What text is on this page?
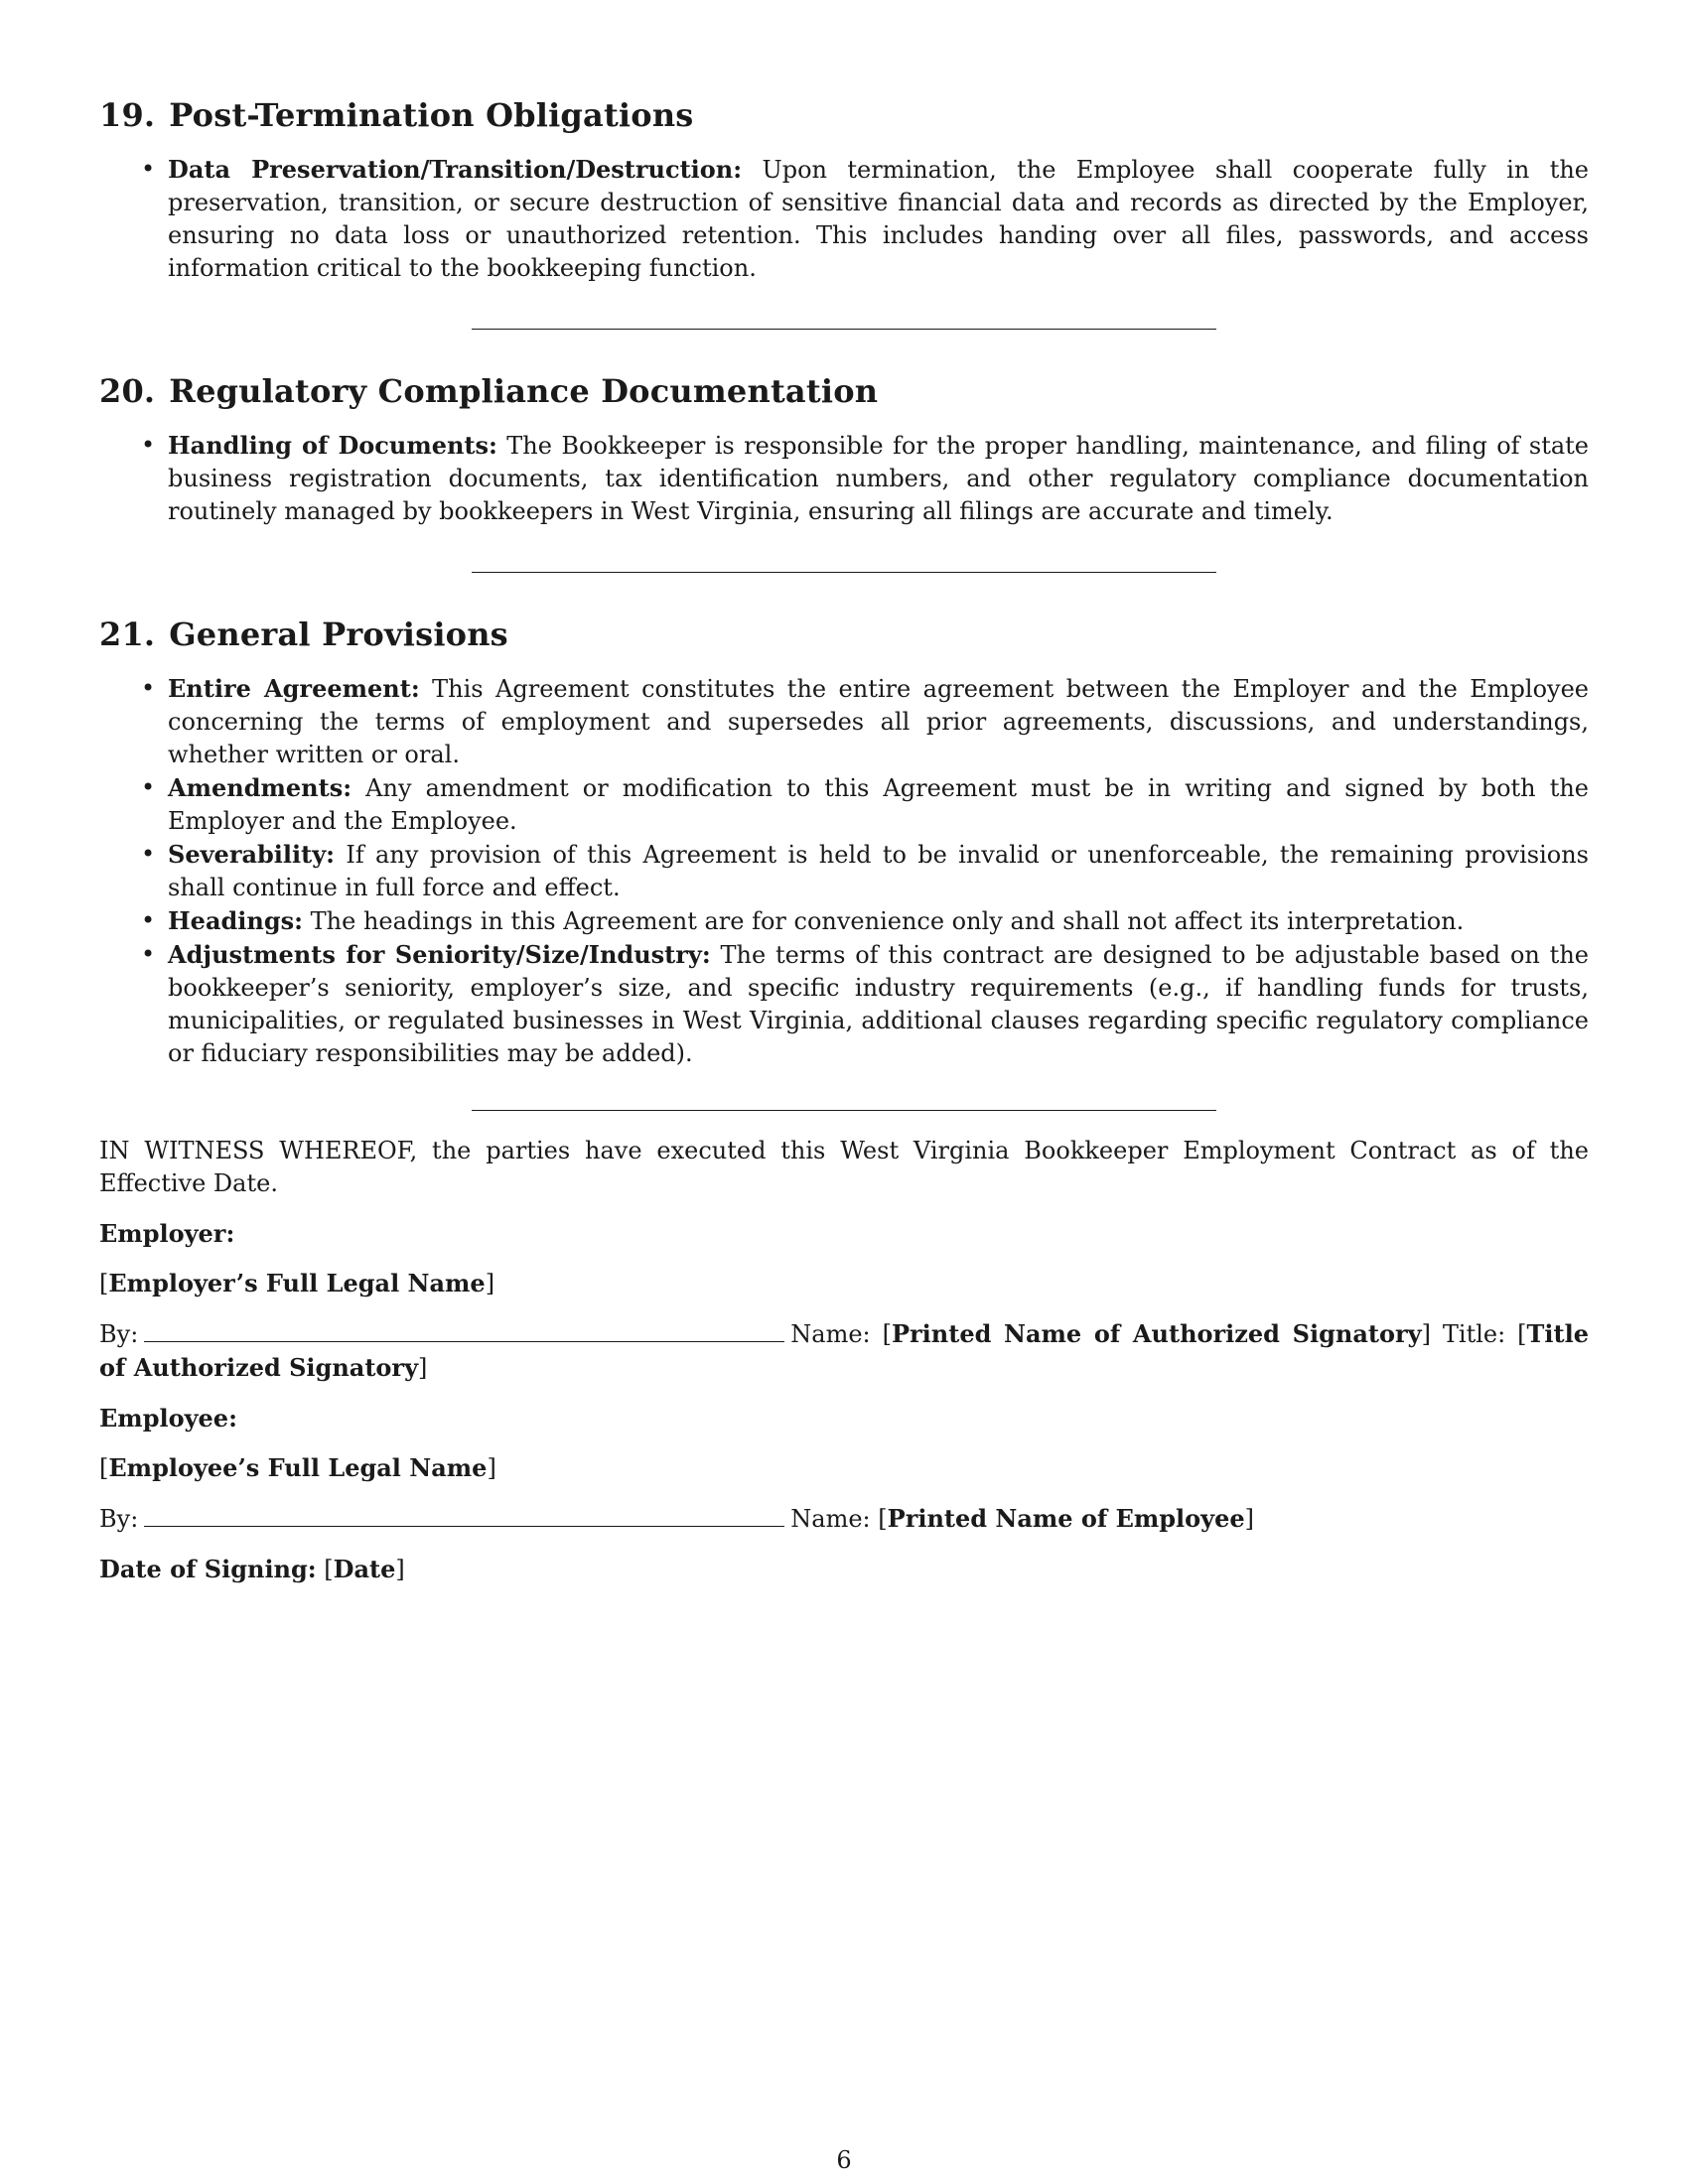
19. Post-Termination Obligations
• Data Preservation/Transition/Destruction: Upon termination, the Employee shall cooperate fully in the preservation, transition, or secure destruction of sensitive financial data and records as directed by the Employer, ensuring no data loss or unauthorized retention. This includes handing over all files, passwords, and access information critical to the bookkeeping function.
20. Regulatory Compliance Documentation
• Handling of Documents: The Bookkeeper is responsible for the proper handling, maintenance, and filing of state business registration documents, tax identification numbers, and other regulatory compliance documentation routinely managed by bookkeepers in West Virginia, ensuring all filings are accurate and timely.
21. General Provisions
• Entire Agreement: This Agreement constitutes the entire agreement between the Employer and the Employee concerning the terms of employment and supersedes all prior agreements, discussions, and understandings, whether written or oral.
• Amendments: Any amendment or modification to this Agreement must be in writing and signed by both the Employer and the Employee.
• Severability: If any provision of this Agreement is held to be invalid or unenforceable, the remaining provisions shall continue in full force and effect.
• Headings: The headings in this Agreement are for convenience only and shall not affect its interpretation.
• Adjustments for Seniority/Size/Industry: The terms of this contract are designed to be adjustable based on the bookkeeper’s seniority, employer’s size, and specific industry requirements (e.g., if handling funds for trusts, municipalities, or regulated businesses in West Virginia, additional clauses regarding specific regulatory compliance or fiduciary responsibilities may be added).

IN WITNESS WHEREOF, the parties have executed this West Virginia Bookkeeper Employment Contract as of the Effective Date.

Employer:

[Employer’s Full Legal Name]

By:	Name: [Printed Name of Authorized Signatory] Title: [Title of Authorized Signatory]

Employee:

[Employee’s Full Legal Name]

By:	Name: [Printed Name of Employee]

Date of Signing: [Date]

6
